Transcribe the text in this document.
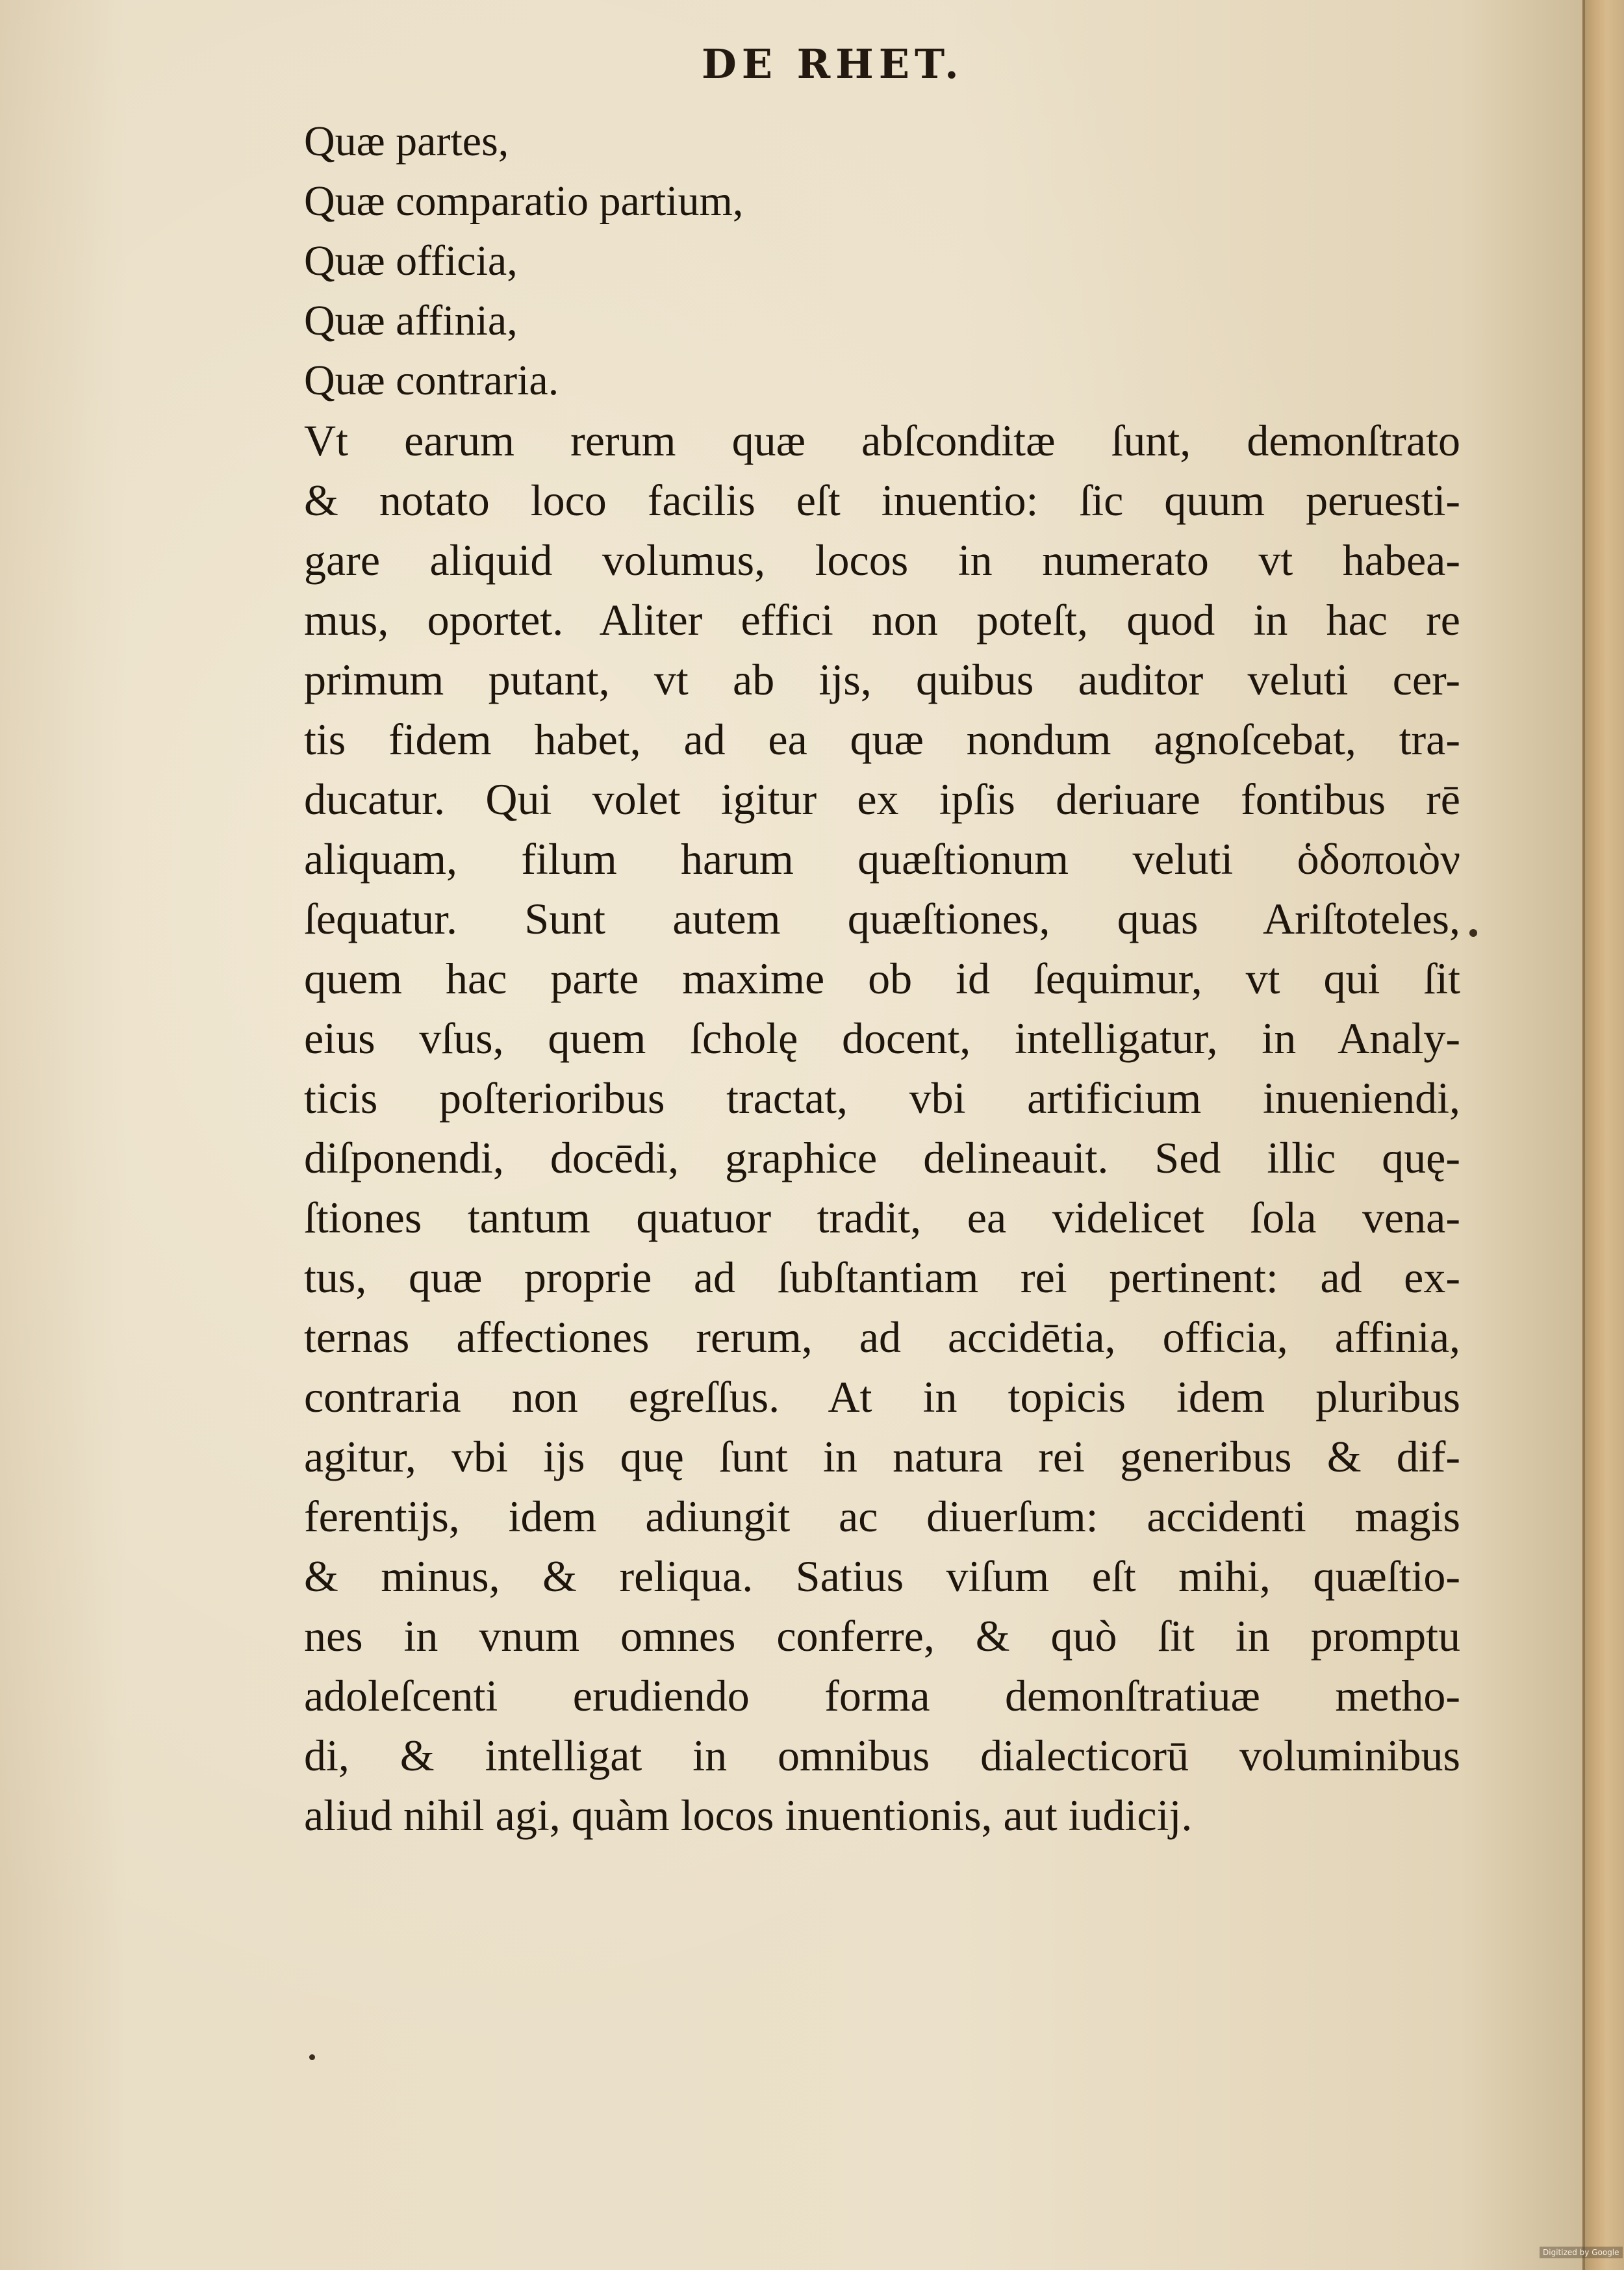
DE RHET.
Quæ partes,
Quæ comparatio partium,
Quæ officia,
Quæ affinia,
Quæ contraria.
Vt earum rerum quæ abſconditæ ſunt, demonſtrato
& notato loco facilis eſt inuentio: ſic quum peruesti-
gare aliquid volumus, locos in numerato vt habea-
mus, oportet. Aliter effici non poteſt, quod in hac re
primum putant, vt ab ijs, quibus auditor veluti cer-
tis fidem habet, ad ea quæ nondum agnoſcebat, tra-
ducatur. Qui volet igitur ex ipſis deriuare fontibus rē
aliquam, filum harum quæſtionum veluti ὁδοποιὸν
ſequatur. Sunt autem quæſtiones, quas Ariſtoteles,
quem hac parte maxime ob id ſequimur, vt qui ſit
eius vſus, quem ſcholę docent, intelligatur, in Analy-
ticis poſterioribus tractat, vbi artificium inueniendi,
diſponendi, docēdi, graphice delineauit. Sed illic quę-
ſtiones tantum quatuor tradit, ea videlicet ſola vena-
tus, quæ proprie ad ſubſtantiam rei pertinent: ad ex-
ternas affectiones rerum, ad accidētia, officia, affinia,
contraria non egreſſus. At in topicis idem pluribus
agitur, vbi ijs quę ſunt in natura rei generibus & dif-
ferentijs, idem adiungit ac diuerſum: accidenti magis
& minus, & reliqua. Satius viſum eſt mihi, quæſtio-
nes in vnum omnes conferre, & quò ſit in promptu
adoleſcenti erudiendo forma demonſtratiuæ metho-
di, & intelligat in omnibus dialecticorū voluminibus
aliud nihil agi, quàm locos inuentionis, aut iudicij.
Digitized by Google
